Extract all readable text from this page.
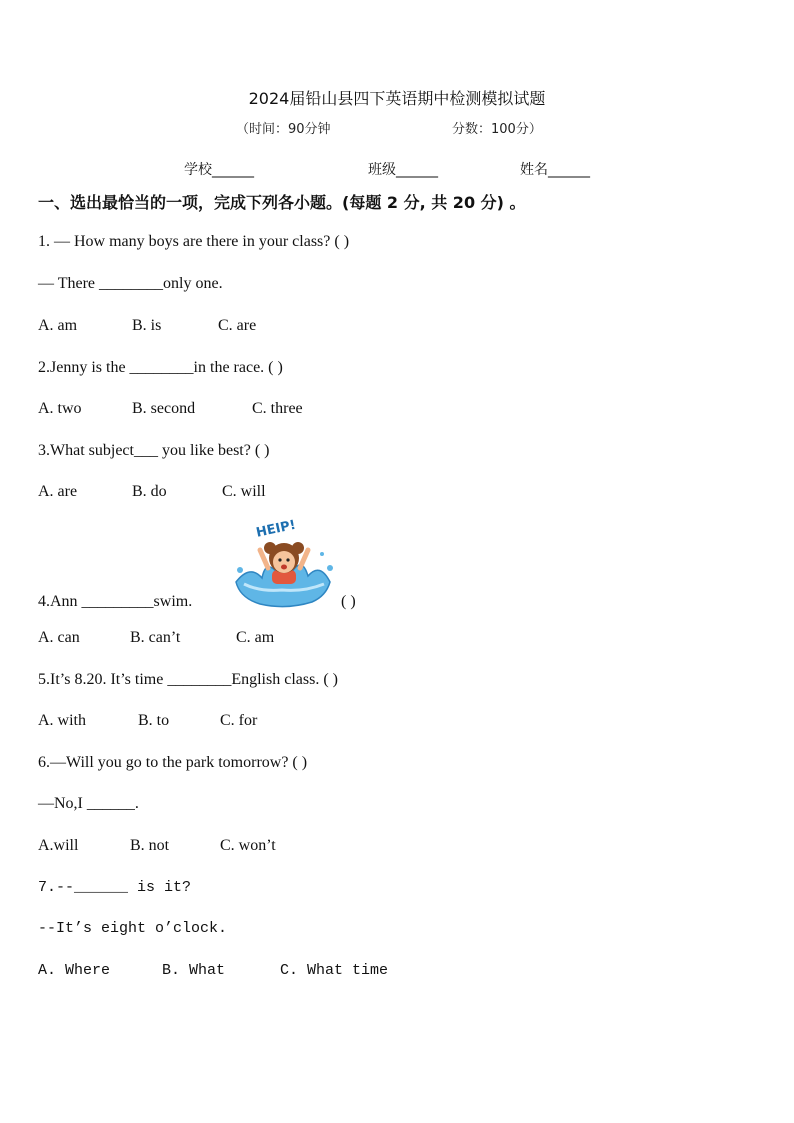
2024届铅山县四下英语期中检测模拟试题
（时间：90分钟	分数：100分）
学校______	班级______	姓名______
一、选出最恰当的一项，完成下列各小题。(每题 2 分, 共 20 分) 。
1. — How many boys are there in your class? ( )
— There ________only one.
A. am	B. is	C. are
2.Jenny is the ________in the race. ( )
A. two	B. second	C. three
3.What subject___ you like best? ( )
A. are	B. do	C. will
HEIP!
4.Ann _________swim.	( )
A. can	B. can’t	C. am
5.It’s 8.20. It’s time ________English class. ( )
A. with	B. to	C. for
6.—Will you go to the park tomorrow? ( )
—No,I ______.
A.will	B. not	C. won’t
7.--______ is it?
--It’s eight o’clock.
A. Where	B. What	C. What time
